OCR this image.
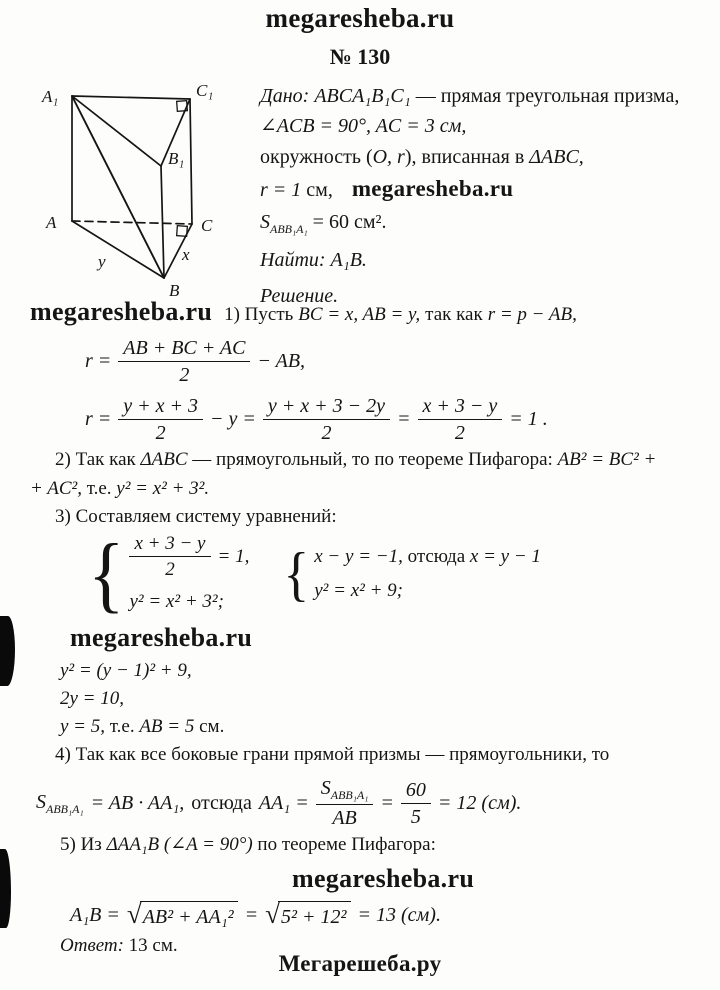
megaresheba.ru
№ 130
A₁	C₁
B₁
A	C
B
x
y
Дано: ABCA₁B₁C₁ — прямая треугольная призма,
∠ACB = 90°, AC = 3 см,
окружность (O, r), вписанная в ΔABC,
r = 1 см, megaresheba.ru
$S_{ABB_1A_1} = 60$ см².
Найти: A₁B.
Решение.
megaresheba.ru 1) Пусть BC = x, AB = y, так как r = p − AB,
$r = \frac{AB + BC + AC}{2}$ − AB,
$r = \frac{y + x + 3}{2} - y = \frac{y + x + 3 - 2y}{2} = \frac{x + 3 - y}{2} = 1$ .
2) Так как ΔABC — прямоугольный, то по теореме Пифагора: AB² = BC² +
+ AC², т.е. y² = x² + 3².
3) Составляем систему уравнений:
{ $\frac{x + 3 - y}{2} = 1$,
y² = x² + 3²;	{ x − y = −1, отсюда x = y − 1
y² = x² + 9;
megaresheba.ru
y² = (y − 1)² + 9,
2y = 10,
y = 5, т.е. AB = 5 см.
4) Так как все боковые грани прямой призмы — прямоугольники, то
$S_{ABB_1A_1}$ = AB · AA₁, отсюда $AA_1 = \frac{S_{ABB_1A_1}}{AB} = \frac{60}{5} = 12$ (см).
5) Из ΔAA₁B (∠A = 90°) по теореме Пифагора:
megaresheba.ru
A₁B = √ AB² + AA₁² = √ 5² + 12² = 13 (см).
Ответ: 13 см.
Мегарешеба.ру
